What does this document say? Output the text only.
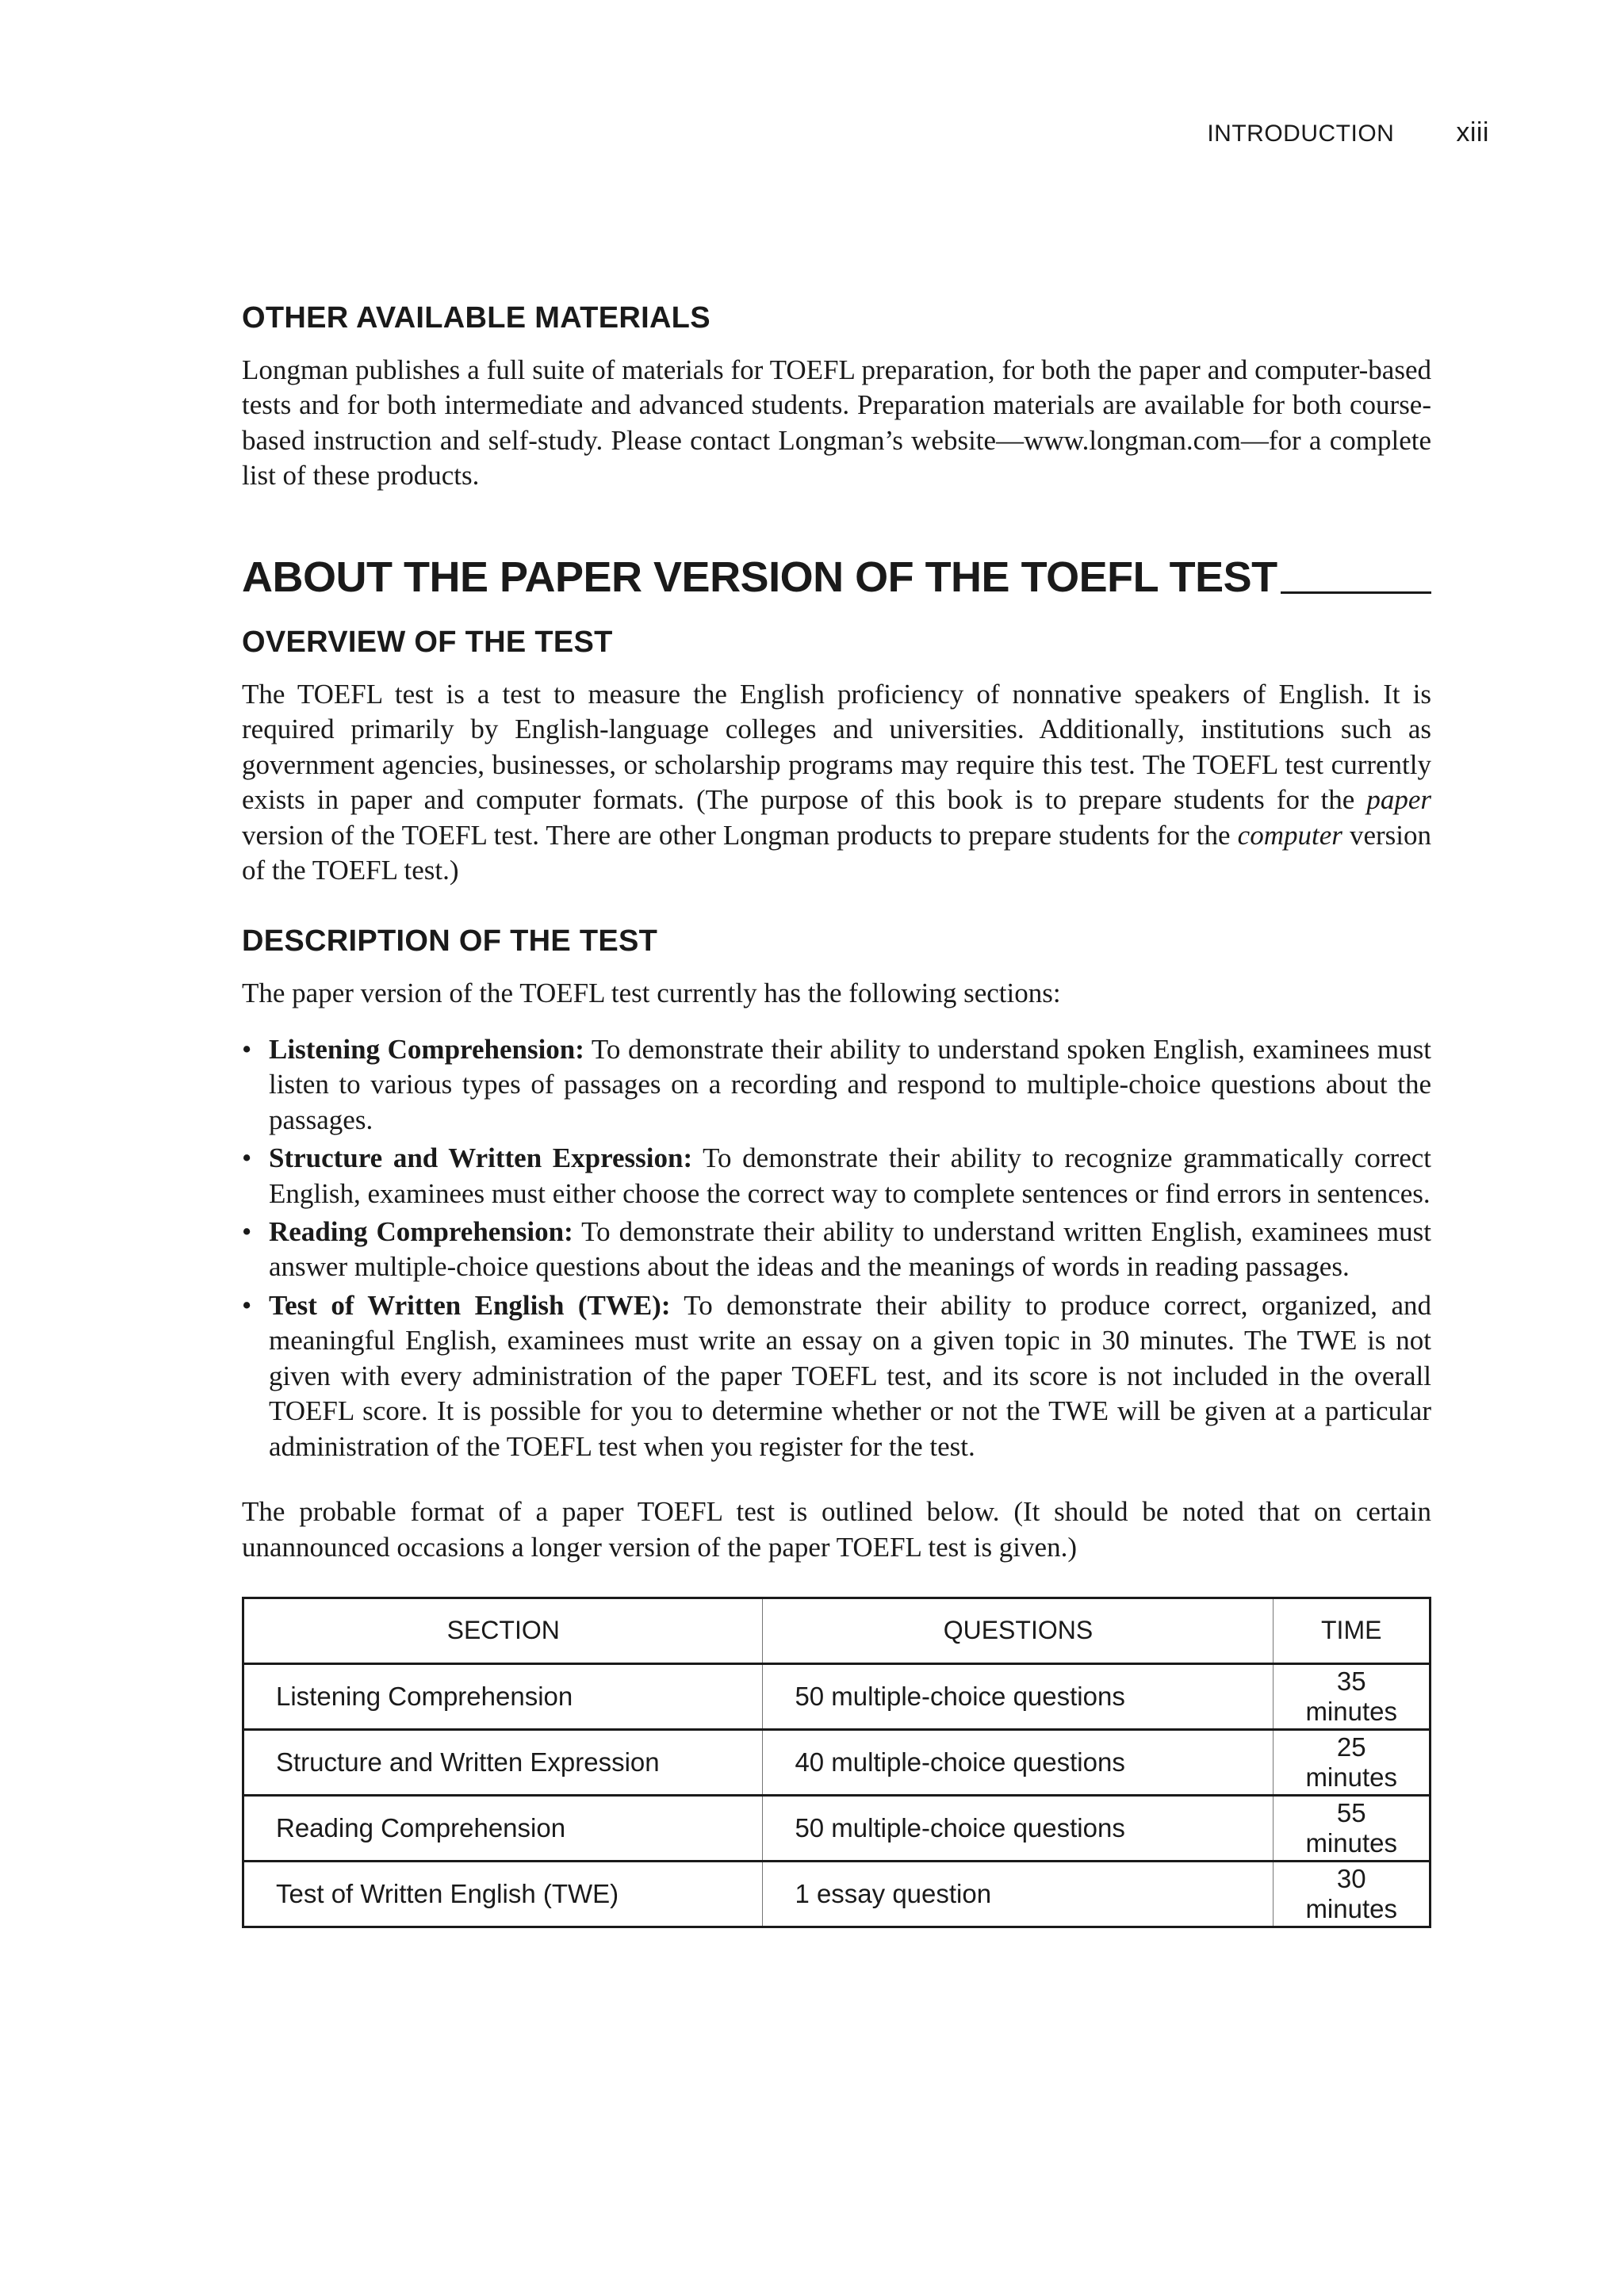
INTRODUCTION xiii
OTHER AVAILABLE MATERIALS

Longman publishes a full suite of materials for TOEFL preparation, for both the paper and computer-based tests and for both intermediate and advanced students. Preparation materials are available for both course-based instruction and self-study. Please contact Longman’s website—www.longman.com—for a complete list of these products.

ABOUT THE PAPER VERSION OF THE TOEFL TEST
OVERVIEW OF THE TEST

The TOEFL test is a test to measure the English proficiency of nonnative speakers of English. It is required primarily by English-language colleges and universities. Additionally, institutions such as government agencies, businesses, or scholarship programs may require this test. The TOEFL test currently exists in paper and computer formats. (The purpose of this book is to prepare students for the paper version of the TOEFL test. There are other Longman products to prepare students for the computer version of the TOEFL test.)

DESCRIPTION OF THE TEST

The paper version of the TOEFL test currently has the following sections:

• Listening Comprehension: To demonstrate their ability to understand spoken English, examinees must listen to various types of passages on a recording and respond to multiple-choice questions about the passages.
• Structure and Written Expression: To demonstrate their ability to recognize grammatically correct English, examinees must either choose the correct way to complete sentences or find errors in sentences.
• Reading Comprehension: To demonstrate their ability to understand written English, examinees must answer multiple-choice questions about the ideas and the meanings of words in reading passages.
• Test of Written English (TWE): To demonstrate their ability to produce correct, organized, and meaningful English, examinees must write an essay on a given topic in 30 minutes. The TWE is not given with every administration of the paper TOEFL test, and its score is not included in the overall TOEFL score. It is possible for you to determine whether or not the TWE will be given at a particular administration of the TOEFL test when you register for the test.

The probable format of a paper TOEFL test is outlined below. (It should be noted that on certain unannounced occasions a longer version of the paper TOEFL test is given.)

SECTION	QUESTIONS	TIME
Listening Comprehension	50 multiple-choice questions	35 minutes
Structure and Written Expression	40 multiple-choice questions	25 minutes
Reading Comprehension	50 multiple-choice questions	55 minutes
Test of Written English (TWE)	1 essay question	30 minutes
